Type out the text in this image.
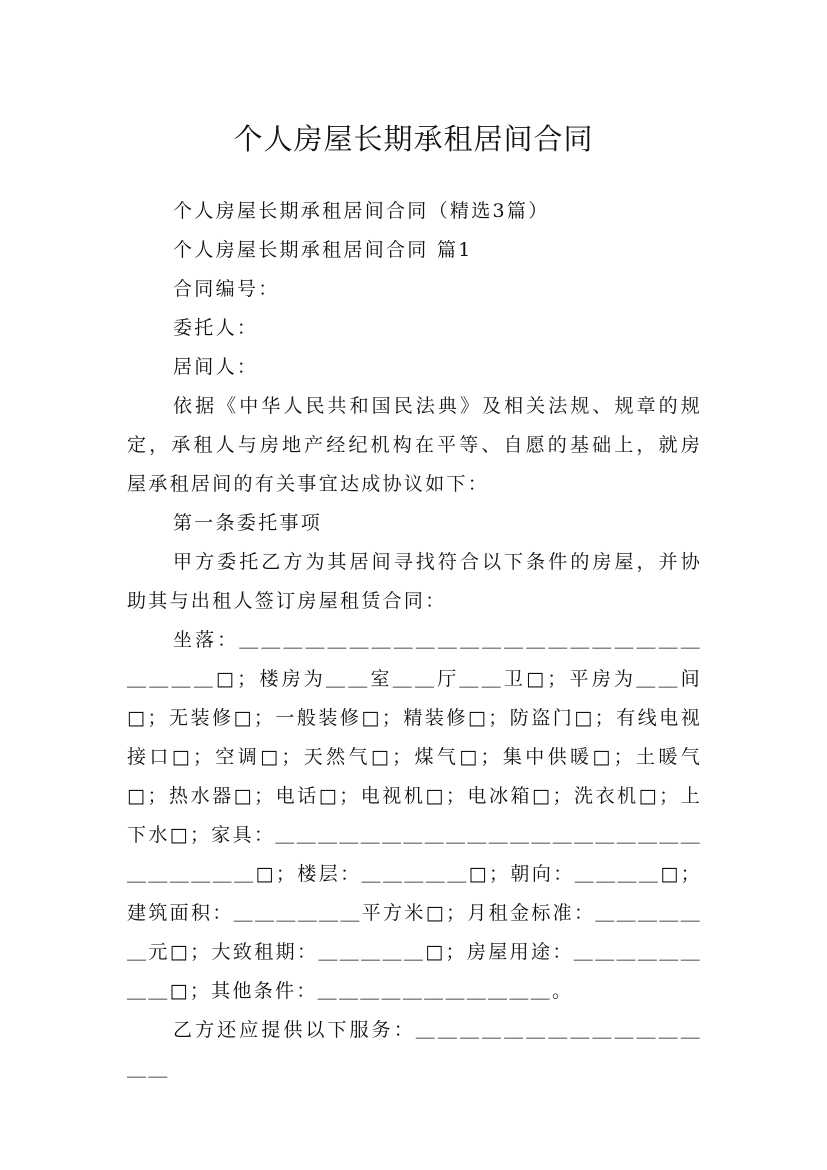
个人房屋长期承租居间合同

个人房屋长期承租居间合同（精选3篇）

个人房屋长期承租居间合同 篇1

合同编号：

委托人：

居间人：

依据《中华人民共和国民法典》及相关法规、规章的规定，承租人与房地产经纪机构在平等、自愿的基础上，就房屋承租居间的有关事宜达成协议如下：

第一条委托事项

甲方委托乙方为其居间寻找符合以下条件的房屋，并协助其与出租人签订房屋租赁合同：

坐落：＿＿＿＿＿＿＿＿＿＿＿＿＿＿＿＿＿＿＿＿＿＿＿＿＿□；楼房为＿＿室＿＿厅＿＿卫□；平房为＿＿间□；无装修□；一般装修□；精装修□；防盗门□；有线电视接口□；空调□；天然气□；煤气□；集中供暖□；土暖气□；热水器□；电话□；电视机□；电冰箱□；洗衣机□；上下水□；家具：＿＿＿＿＿＿＿＿＿＿＿＿＿＿＿＿＿＿＿＿＿＿＿＿＿＿□；楼层：＿＿＿＿＿□；朝向：＿＿＿＿□；建筑面积：＿＿＿＿＿＿平方米□；月租金标准：＿＿＿＿＿＿元□；大致租期：＿＿＿＿＿□；房屋用途：＿＿＿＿＿＿＿＿□；其他条件：＿＿＿＿＿＿＿＿＿＿＿。

乙方还应提供以下服务：＿＿＿＿＿＿＿＿＿＿＿＿＿＿＿
